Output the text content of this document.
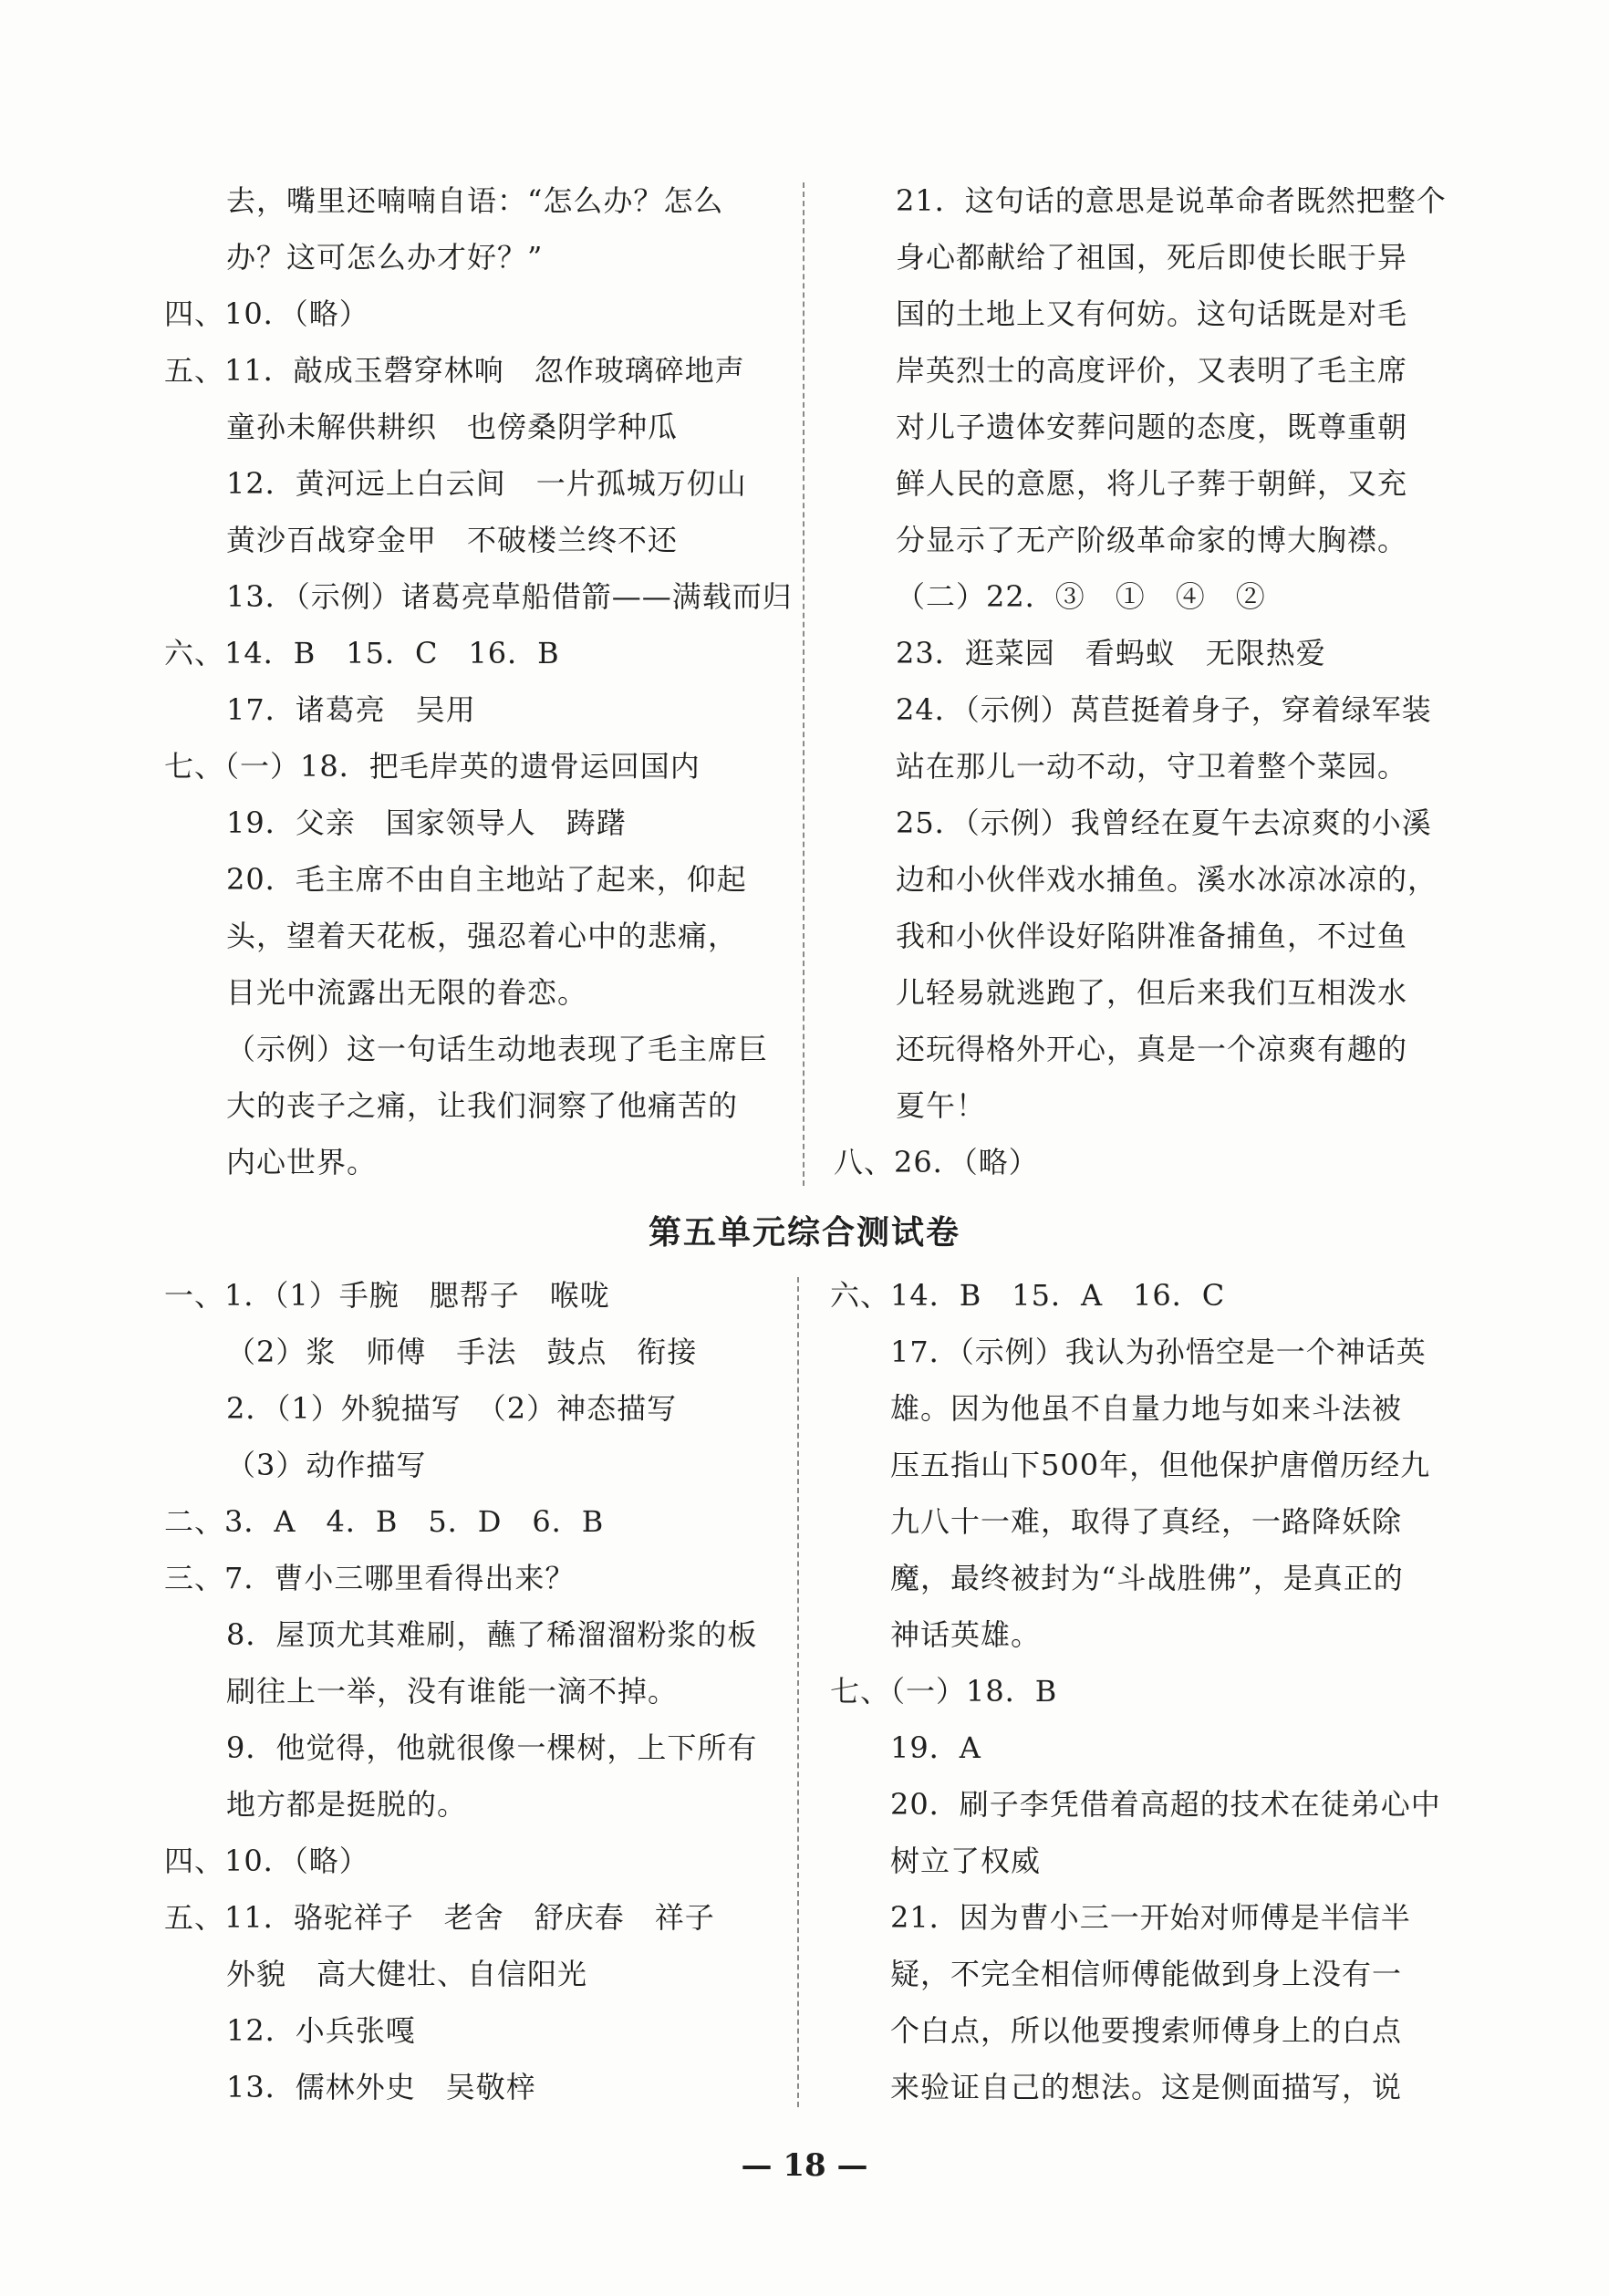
去，嘴里还喃喃自语：“怎么办？怎么
办？这可怎么办才好？”
四、10．（略）
五、11．敲成玉磬穿林响　忽作玻璃碎地声
童孙未解供耕织　也傍桑阴学种瓜
12．黄河远上白云间　一片孤城万仞山
黄沙百战穿金甲　不破楼兰终不还
13．（示例）诸葛亮草船借箭——满载而归
六、14．B　15．C　16．B
17．诸葛亮　吴用
七、（一）18．把毛岸英的遗骨运回国内
19．父亲　国家领导人　踌躇
20．毛主席不由自主地站了起来，仰起
头，望着天花板，强忍着心中的悲痛，
目光中流露出无限的眷恋。
（示例）这一句话生动地表现了毛主席巨
大的丧子之痛，让我们洞察了他痛苦的
内心世界。
21．这句话的意思是说革命者既然把整个
身心都献给了祖国，死后即使长眠于异
国的土地上又有何妨。这句话既是对毛
岸英烈士的高度评价，又表明了毛主席
对儿子遗体安葬问题的态度，既尊重朝
鲜人民的意愿，将儿子葬于朝鲜，又充
分显示了无产阶级革命家的博大胸襟。
（二）22．③　①　④　②
23．逛菜园　看蚂蚁　无限热爱
24．（示例）莴苣挺着身子，穿着绿军装
站在那儿一动不动，守卫着整个菜园。
25．（示例）我曾经在夏午去凉爽的小溪
边和小伙伴戏水捕鱼。溪水冰凉冰凉的，
我和小伙伴设好陷阱准备捕鱼，不过鱼
儿轻易就逃跑了，但后来我们互相泼水
还玩得格外开心，真是一个凉爽有趣的
夏午！
八、26．（略）
第五单元综合测试卷
一、1．（1）手腕　腮帮子　喉咙
（2）浆　师傅　手法　鼓点　衔接
2．（1）外貌描写　（2）神态描写
（3）动作描写
二、3．A　4．B　5．D　6．B
三、7．曹小三哪里看得出来？
8．屋顶尤其难刷，蘸了稀溜溜粉浆的板
刷往上一举，没有谁能一滴不掉。
9．他觉得，他就很像一棵树，上下所有
地方都是挺脱的。
四、10．（略）
五、11．骆驼祥子　老舍　舒庆春　祥子
外貌　高大健壮、自信阳光
12．小兵张嘎
13．儒林外史　吴敬梓
六、14．B　15．A　16．C
17．（示例）我认为孙悟空是一个神话英
雄。因为他虽不自量力地与如来斗法被
压五指山下500年，但他保护唐僧历经九
九八十一难，取得了真经，一路降妖除
魔，最终被封为“斗战胜佛”，是真正的
神话英雄。
七、（一）18．B
19．A
20．刷子李凭借着高超的技术在徒弟心中
树立了权威
21．因为曹小三一开始对师傅是半信半
疑，不完全相信师傅能做到身上没有一
个白点，所以他要搜索师傅身上的白点
来验证自己的想法。这是侧面描写，说
— 18 —
